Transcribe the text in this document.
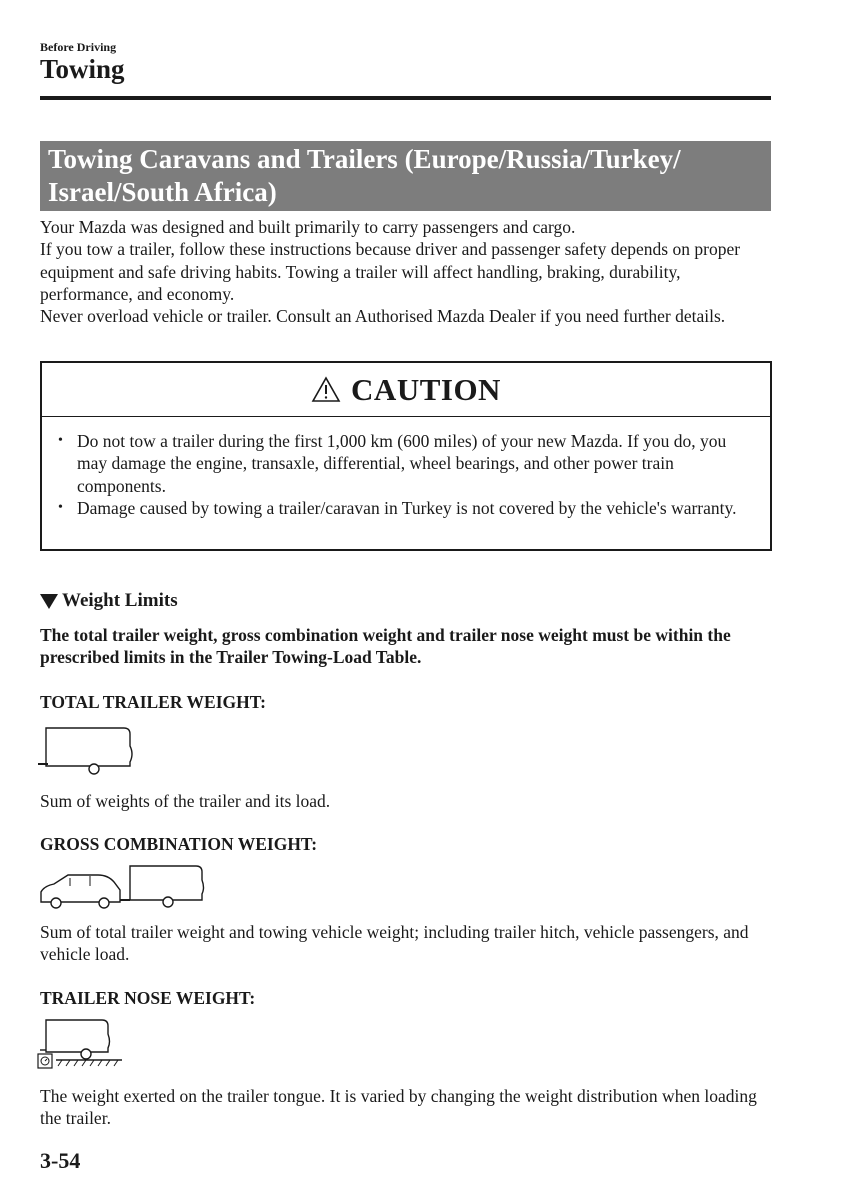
Before Driving
Towing
Towing Caravans and Trailers (Europe/Russia/Turkey/
Israel/South Africa)
Your Mazda was designed and built primarily to carry passengers and cargo.
If you tow a trailer, follow these instructions because driver and passenger safety depends on proper equipment and safe driving habits. Towing a trailer will affect handling, braking, durability, performance, and economy.
Never overload vehicle or trailer. Consult an Authorised Mazda Dealer if you need further details.
CAUTION
• Do not tow a trailer during the first 1,000 km (600 miles) of your new Mazda. If you do, you may damage the engine, transaxle, differential, wheel bearings, and other power train components.
• Damage caused by towing a trailer/caravan in Turkey is not covered by the vehicle's warranty.
Weight Limits
The total trailer weight, gross combination weight and trailer nose weight must be within the prescribed limits in the Trailer Towing-Load Table.
TOTAL TRAILER WEIGHT:
Sum of weights of the trailer and its load.
GROSS COMBINATION WEIGHT:
Sum of total trailer weight and towing vehicle weight; including trailer hitch, vehicle passengers, and vehicle load.
TRAILER NOSE WEIGHT:
The weight exerted on the trailer tongue. It is varied by changing the weight distribution when loading the trailer.
3-54
